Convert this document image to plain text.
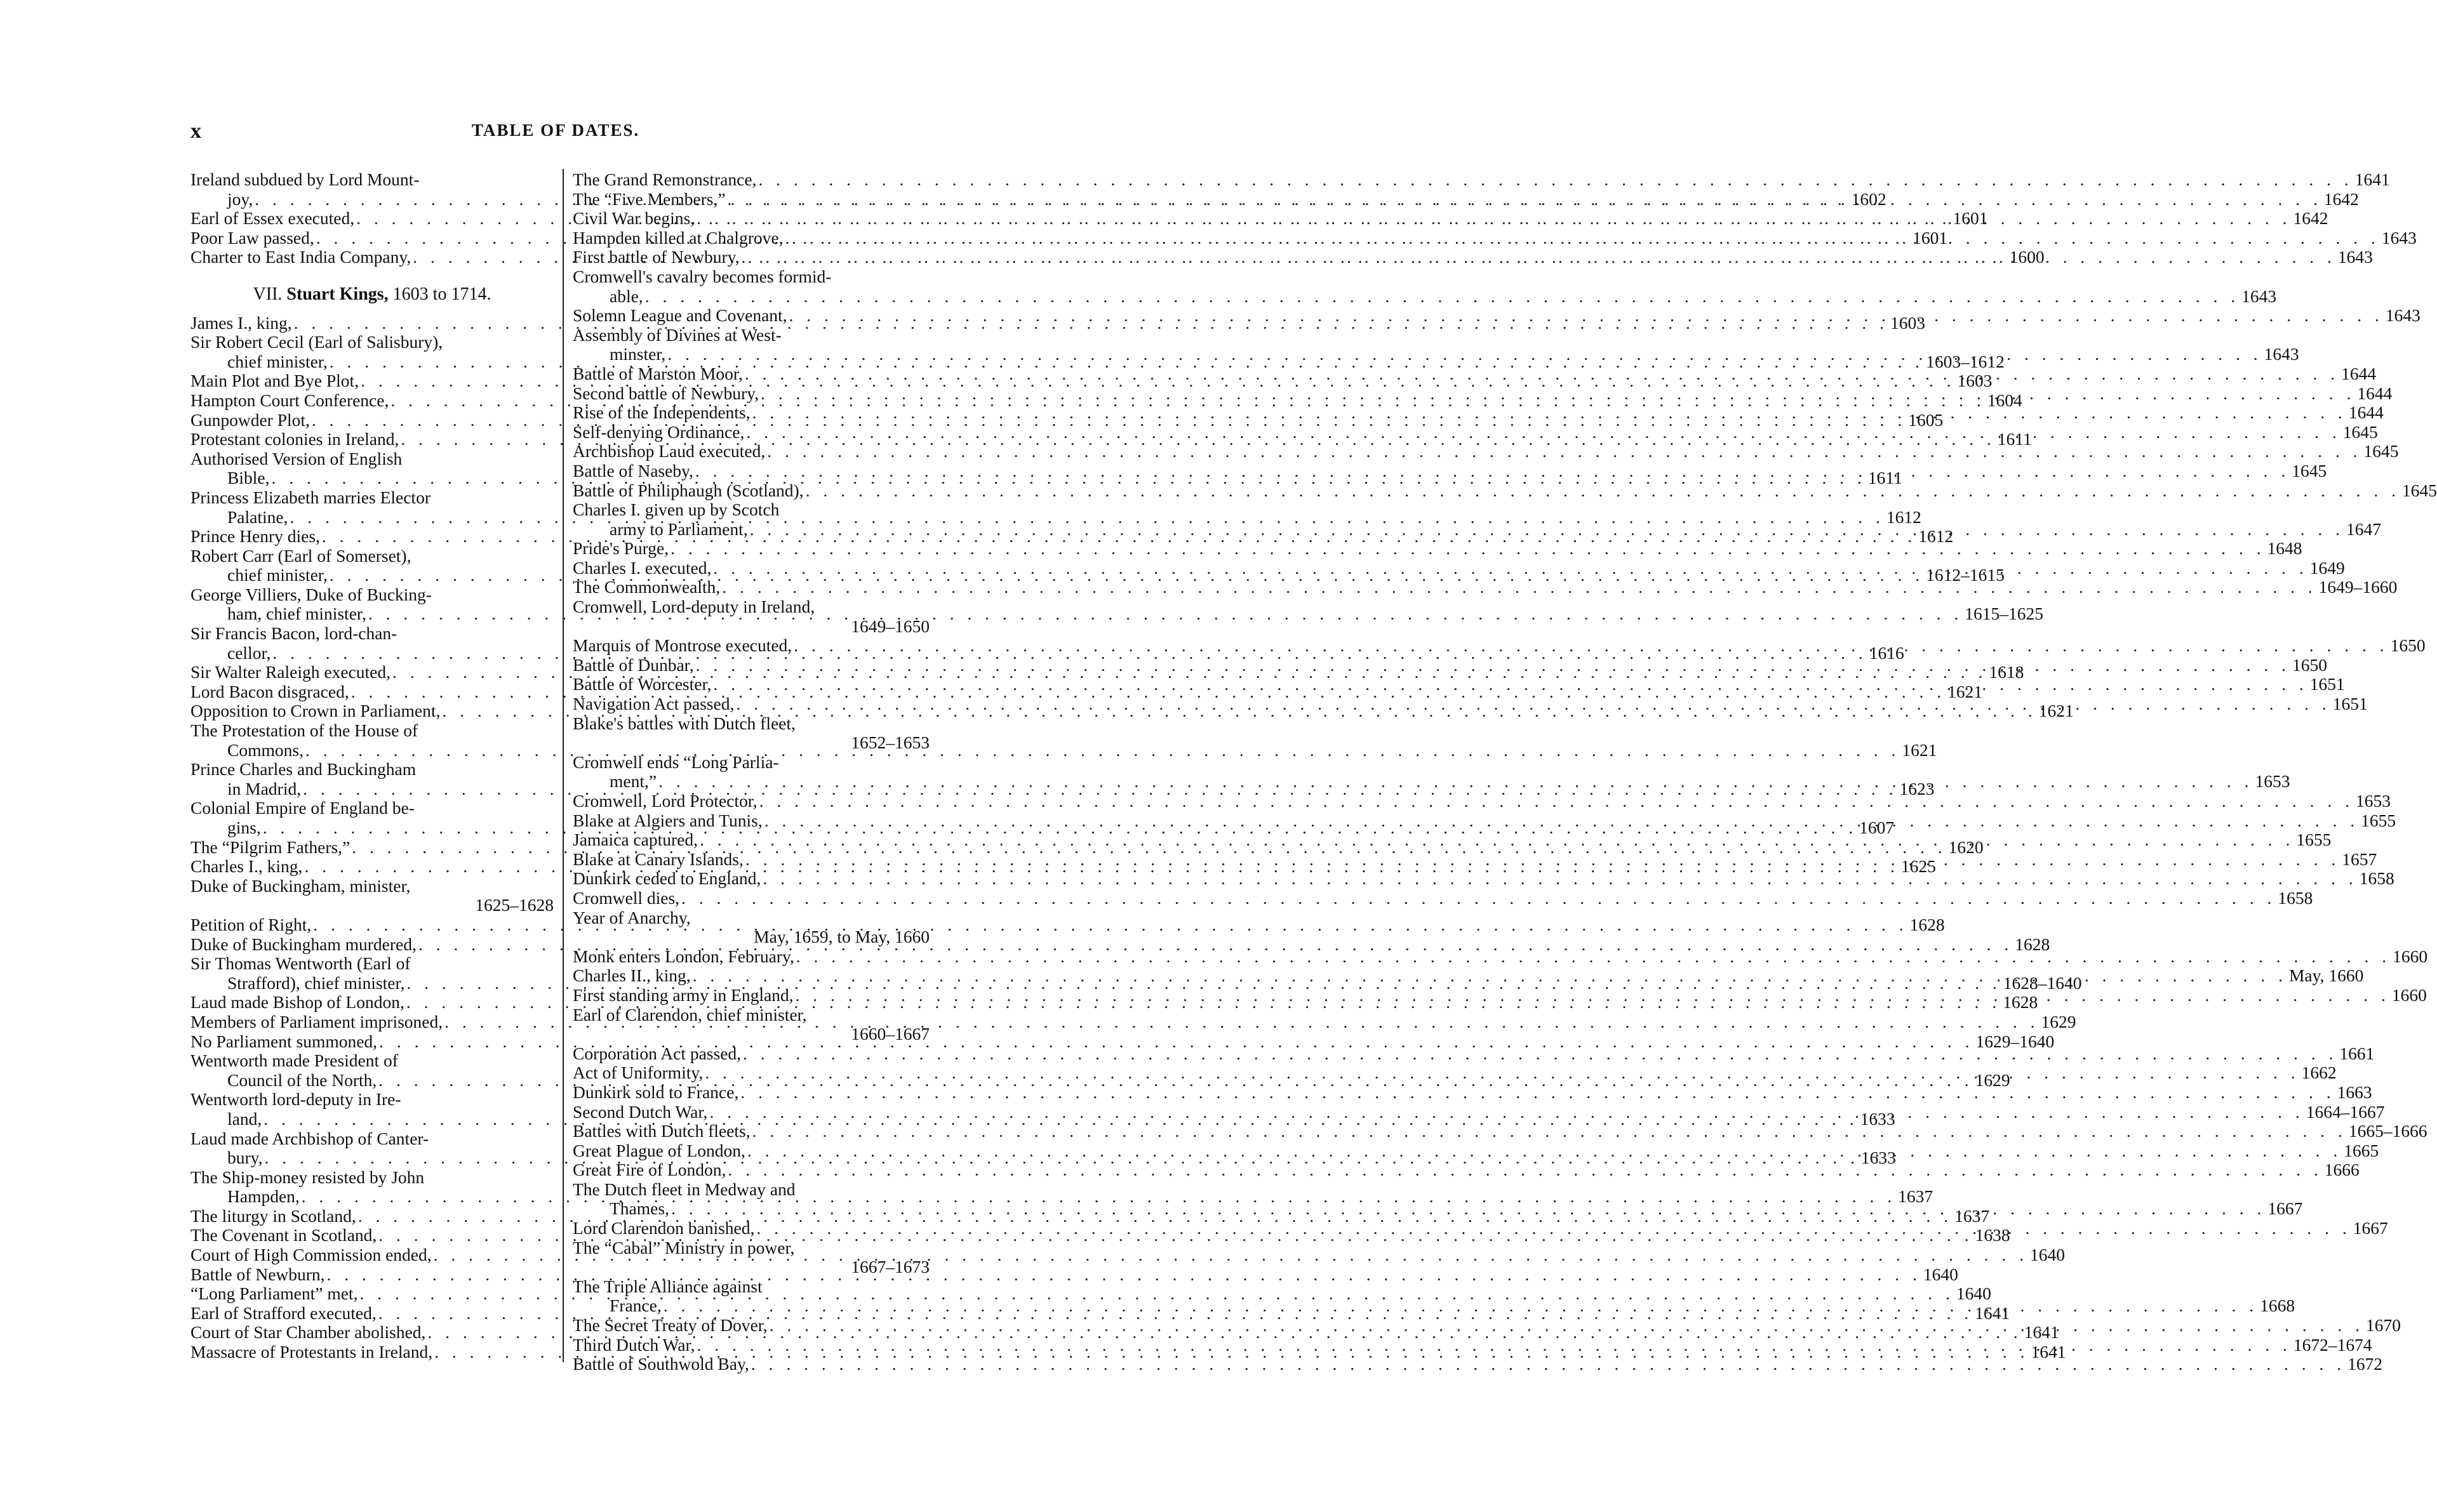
x	TABLE OF DATES.
Ireland subdued by Lord Mount-
joy, . . .	1602
Earl of Essex executed, . . .	1601
Poor Law passed, . . .	1601
Charter to East India Company, . . .	1600
VII. Stuart Kings, 1603 to 1714.
James I., king, . . .	1603
Sir Robert Cecil (Earl of Salisbury),
chief minister, . . .	1603–1612
Main Plot and Bye Plot, . . .	1603
Hampton Court Conference, . . .	1604
Gunpowder Plot, . . .	1605
Protestant colonies in Ireland, . . .	1611
Authorised Version of English
Bible, . . .	1611
Princess Elizabeth marries Elector
Palatine, . . .	1612
Prince Henry dies, . . .	1612
Robert Carr (Earl of Somerset),
chief minister, . . .	1612–1615
George Villiers, Duke of Bucking-
ham, chief minister, . . .	1615–1625
Sir Francis Bacon, lord-chan-
cellor, . . .	1616
Sir Walter Raleigh executed, . . .	1618
Lord Bacon disgraced, . . .	1621
Opposition to Crown in Parliament, . . .	1621
The Protestation of the House of
Commons, . . .	1621
Prince Charles and Buckingham
in Madrid, . . .	1623
Colonial Empire of England be-
gins, . . .	1607
The “Pilgrim Fathers,” . . .	1620
Charles I., king, . . .	1625
Duke of Buckingham, minister,
1625–1628
Petition of Right, . . .	1628
Duke of Buckingham murdered, . . .	1628
Sir Thomas Wentworth (Earl of
Strafford), chief minister, . . .	1628–1640
Laud made Bishop of London, . . .	1628
Members of Parliament imprisoned, . . .	1629
No Parliament summoned, . . .	1629–1640
Wentworth made President of
Council of the North, . . .	1629
Wentworth lord-deputy in Ire-
land, . . .	1633
Laud made Archbishop of Canter-
bury, . . .	1633
The Ship-money resisted by John
Hampden, . . .	1637
The liturgy in Scotland, . . .	1637
The Covenant in Scotland, . . .	1638
Court of High Commission ended, . . .	1640
Battle of Newburn, . . .	1640
“Long Parliament” met, . . .	1640
Earl of Strafford executed, . . .	1641
Court of Star Chamber abolished, . . .	1641
Massacre of Protestants in Ireland, . . .	1641
The Grand Remonstrance, . . .	1641
The “Five Members,” . . .	1642
Civil War begins, . . .	1642
Hampden killed at Chalgrove, . . .	1643
First battle of Newbury, . . .	1643
Cromwell's cavalry becomes formid-
able, . . .	1643
Solemn League and Covenant, . . .	1643
Assembly of Divines at West-
minster, . . .	1643
Battle of Marston Moor, . . .	1644
Second battle of Newbury, . . .	1644
Rise of the Independents, . . .	1644
Self-denying Ordinance, . . .	1645
Archbishop Laud executed, . . .	1645
Battle of Naseby, . . .	1645
Battle of Philiphaugh (Scotland), . . .	1645
Charles I. given up by Scotch
army to Parliament, . . .	1647
Pride's Purge, . . .	1648
Charles I. executed, . . .	1649
The Commonwealth, . . .	1649–1660
Cromwell, Lord-deputy in Ireland,
1649–1650
Marquis of Montrose executed, . . .	1650
Battle of Dunbar, . . .	1650
Battle of Worcester, . . .	1651
Navigation Act passed, . . .	1651
Blake's battles with Dutch fleet,
1652–1653
Cromwell ends “Long Parlia-
ment,” . . .	1653
Cromwell, Lord Protector, . . .	1653
Blake at Algiers and Tunis, . . .	1655
Jamaica captured, . . .	1655
Blake at Canary Islands, . . .	1657
Dunkirk ceded to England, . . .	1658
Cromwell dies, . . .	1658
Year of Anarchy,
May, 1659, to May, 1660
Monk enters London, February, . . .	1660
Charles II., king, . . .	May, 1660
First standing army in England, . . .	1660
Earl of Clarendon, chief minister,
1660–1667
Corporation Act passed, . . .	1661
Act of Uniformity, . . .	1662
Dunkirk sold to France, . . .	1663
Second Dutch War, . . .	1664–1667
Battles with Dutch fleets, . . .	1665–1666
Great Plague of London, . . .	1665
Great Fire of London, . . .	1666
The Dutch fleet in Medway and
Thames, . . .	1667
Lord Clarendon banished, . . .	1667
The “Cabal” Ministry in power,
1667–1673
The Triple Alliance against
France, . . .	1668
The Secret Treaty of Dover, . . .	1670
Third Dutch War, . . .	1672–1674
Battle of Southwold Bay, . . .	1672
